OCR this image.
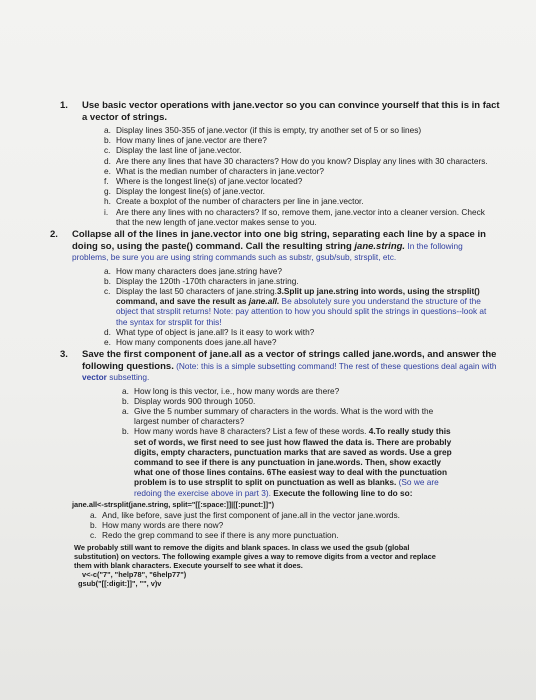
1. Use basic vector operations with jane.vector so you can convince yourself that this is in fact a vector of strings.
a. Display lines 350-355 of jane.vector (if this is empty, try another set of 5 or so lines)
b. How many lines of jane.vector are there?
c. Display the last line of jane.vector.
d. Are there any lines that have 30 characters? How do you know? Display any lines with 30 characters.
e. What is the median number of characters in jane.vector?
f. Where is the longest line(s) of jane.vector located?
g. Display the longest line(s) of jane.vector.
h. Create a boxplot of the number of characters per line in jane.vector.
i. Are there any lines with no characters? If so, remove them, jane.vector into a cleaner version. Check that the new length of jane.vector makes sense to you.
2. Collapse all of the lines in jane.vector into one big string, separating each line by a space in doing so, using the paste() command. Call the resulting string jane.string. In the following problems, be sure you are using string commands such as substr, gsub/sub, strsplit, etc.
a. How many characters does jane.string have?
b. Display the 120th -170th characters in jane.string.
c. Display the last 50 characters of jane.string.3.Split up jane.string into words, using the strsplit() command, and save the result as jane.all. Be absolutely sure you understand the structure of the object that strsplit returns! Note: pay attention to how you should split the strings in questions--look at the syntax for strsplit for this!
d. What type of object is jane.all? Is it easy to work with?
e. How many components does jane.all have?
3. Save the first component of jane.all as a vector of strings called jane.words, and answer the following questions. (Note: this is a simple subsetting command! The rest of these questions deal again with vector subsetting.
a. How long is this vector, i.e., how many words are there?
b. Display words 900 through 1050.
a. Give the 5 number summary of characters in the words. What is the word with the largest number of characters?
b. How many words have 8 characters? List a few of these words. 4.To really study this set of words, we first need to see just how flawed the data is. There are probably digits, empty characters, punctuation marks that are saved as words. Use a grep command to see if there is any punctuation in jane.words. Then, show exactly what one of those lines contains. 6The easiest way to deal with the punctuation problem is to use strsplit to split on punctuation as well as blanks. (So we are redoing the exercise above in part 3). Execute the following line to do so:
jane.all<-strsplit(jane.string, split="[[:space:]]|[[:punct:]]")
a. And, like before, save just the first component of jane.all in the vector jane.words.
b. How many words are there now?
c. Redo the grep command to see if there is any more punctuation.
We probably still want to remove the digits and blank spaces. In class we used the gsub (global substitution) on vectors. The following example gives a way to remove digits from a vector and replace them with blank characters. Execute yourself to see what it does.
v<-c("7", "help78", "6help77")
gsub("[[:digit:]]", "", v)v
